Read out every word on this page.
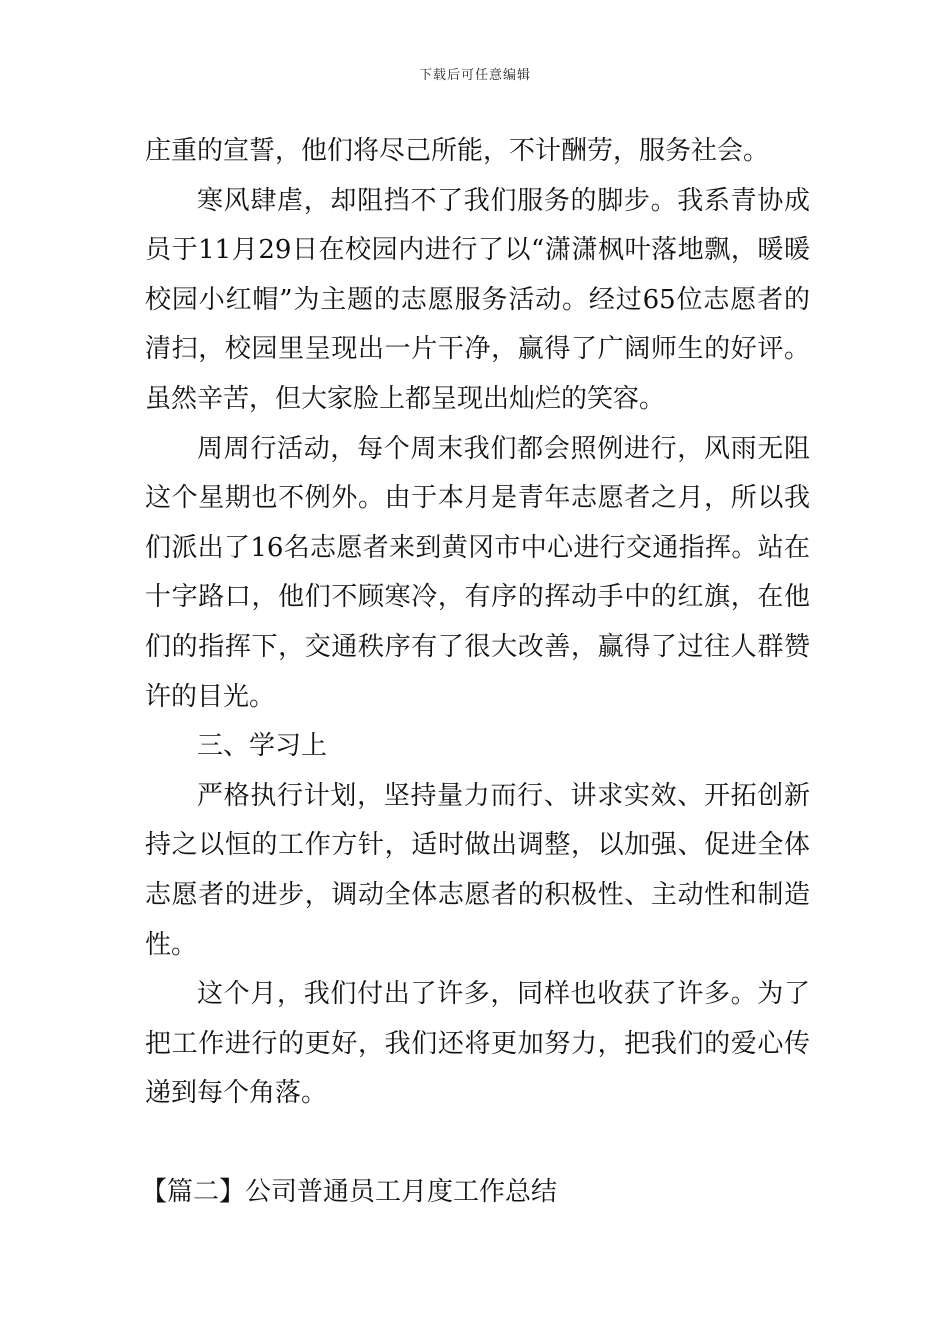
下载后可任意编辑

庄重的宣誓，他们将尽己所能，不计酬劳，服务社会。

寒风肆虐，却阻挡不了我们服务的脚步。我系青协成员于11月29日在校园内进行了以“潇潇枫叶落地飘，暖暖校园小红帽”为主题的志愿服务活动。经过65位志愿者的清扫，校园里呈现出一片干净，赢得了广阔师生的好评。虽然辛苦，但大家脸上都呈现出灿烂的笑容。

周周行活动，每个周末我们都会照例进行，风雨无阻这个星期也不例外。由于本月是青年志愿者之月，所以我们派出了16名志愿者来到黄冈市中心进行交通指挥。站在十字路口，他们不顾寒冷，有序的挥动手中的红旗，在他们的指挥下，交通秩序有了很大改善，赢得了过往人群赞许的目光。

三、学习上

严格执行计划，坚持量力而行、讲求实效、开拓创新持之以恒的工作方针，适时做出调整，以加强、促进全体志愿者的进步，调动全体志愿者的积极性、主动性和制造性。

这个月，我们付出了许多，同样也收获了许多。为了把工作进行的更好，我们还将更加努力，把我们的爱心传递到每个角落。

【篇二】公司普通员工月度工作总结
